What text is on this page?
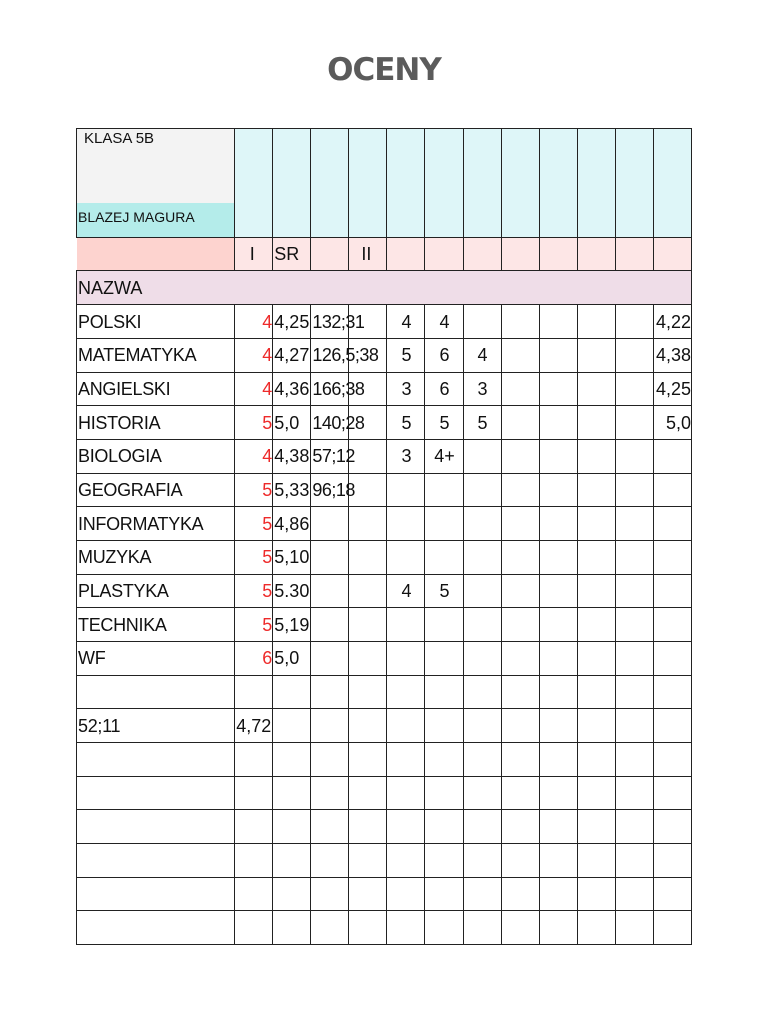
OCENY
KLASA 5B
BLAZEJ MAGURA												

	I	SR		II								
NAZWA												
POLSKI	4	4,25	132;31		4	4						4,22
MATEMATYKA	4	4,27	126,5;38		5	6	4					4,38
ANGIELSKI	4	4,36	166;38		3	6	3					4,25
HISTORIA	5	5,0	140;28		5	5	5					5,0
BIOLOGIA	4	4,38	57;12		3	4+						
GEOGRAFIA	5	5,33	96;18									
INFORMATYKA	5	4,86										
MUZYKA	5	5,10										
PLASTYKA	5	5.30			4	5						
TECHNIKA	5	5,19										
WF	6	5,0										

52;11	4,72											
